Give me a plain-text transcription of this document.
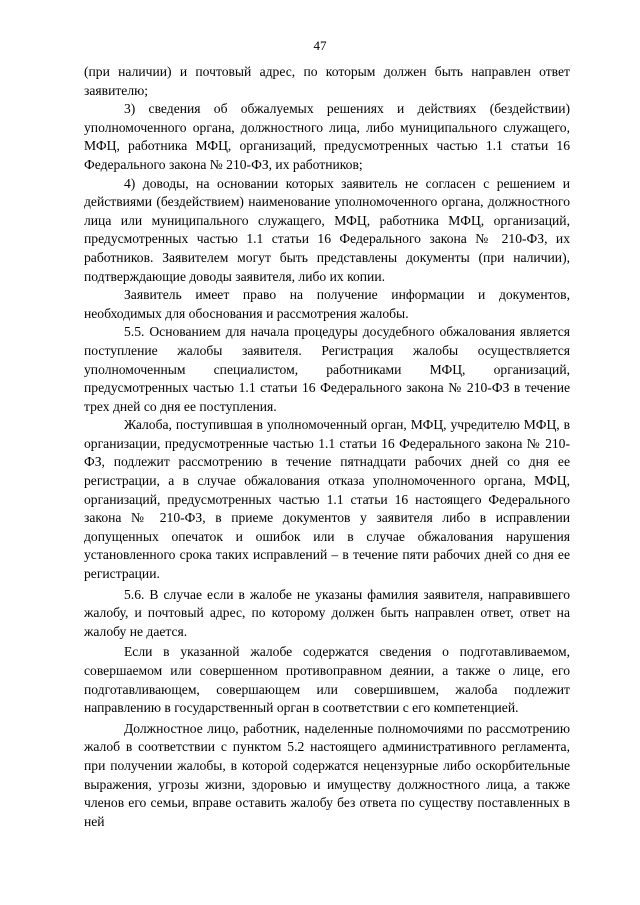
47

(при наличии) и почтовый адрес, по которым должен быть направлен ответ заявителю;

3) сведения об обжалуемых решениях и действиях (бездействии) уполномоченного органа, должностного лица, либо муниципального служащего, МФЦ, работника МФЦ, организаций, предусмотренных частью 1.1 статьи 16 Федерального закона № 210-ФЗ, их работников;

4) доводы, на основании которых заявитель не согласен с решением и действиями (бездействием) наименование уполномоченного органа, должностного лица или муниципального служащего, МФЦ, работника МФЦ, организаций, предусмотренных частью 1.1 статьи 16 Федерального закона № 210-ФЗ, их работников. Заявителем могут быть представлены документы (при наличии), подтверждающие доводы заявителя, либо их копии.

Заявитель имеет право на получение информации и документов, необходимых для обоснования и рассмотрения жалобы.

5.5. Основанием для начала процедуры досудебного обжалования является поступление жалобы заявителя. Регистрация жалобы осуществляется уполномоченным специалистом, работниками МФЦ, организаций, предусмотренных частью 1.1 статьи 16 Федерального закона № 210-ФЗ в течение трех дней со дня ее поступления.

Жалоба, поступившая в уполномоченный орган, МФЦ, учредителю МФЦ, в организации, предусмотренные частью 1.1 статьи 16 Федерального закона № 210-ФЗ, подлежит рассмотрению в течение пятнадцати рабочих дней со дня ее регистрации, а в случае обжалования отказа уполномоченного органа, МФЦ, организаций, предусмотренных частью 1.1 статьи 16 настоящего Федерального закона № 210-ФЗ, в приеме документов у заявителя либо в исправлении допущенных опечаток и ошибок или в случае обжалования нарушения установленного срока таких исправлений – в течение пяти рабочих дней со дня ее регистрации.

5.6. В случае если в жалобе не указаны фамилия заявителя, направившего жалобу, и почтовый адрес, по которому должен быть направлен ответ, ответ на жалобу не дается.

Если в указанной жалобе содержатся сведения о подготавливаемом, совершаемом или совершенном противоправном деянии, а также о лице, его подготавливающем, совершающем или совершившем, жалоба подлежит направлению в государственный орган в соответствии с его компетенцией.

Должностное лицо, работник, наделенные полномочиями по рассмотрению жалоб в соответствии с пунктом 5.2 настоящего административного регламента, при получении жалобы, в которой содержатся нецензурные либо оскорбительные выражения, угрозы жизни, здоровью и имуществу должностного лица, а также членов его семьи, вправе оставить жалобу без ответа по существу поставленных в ней
